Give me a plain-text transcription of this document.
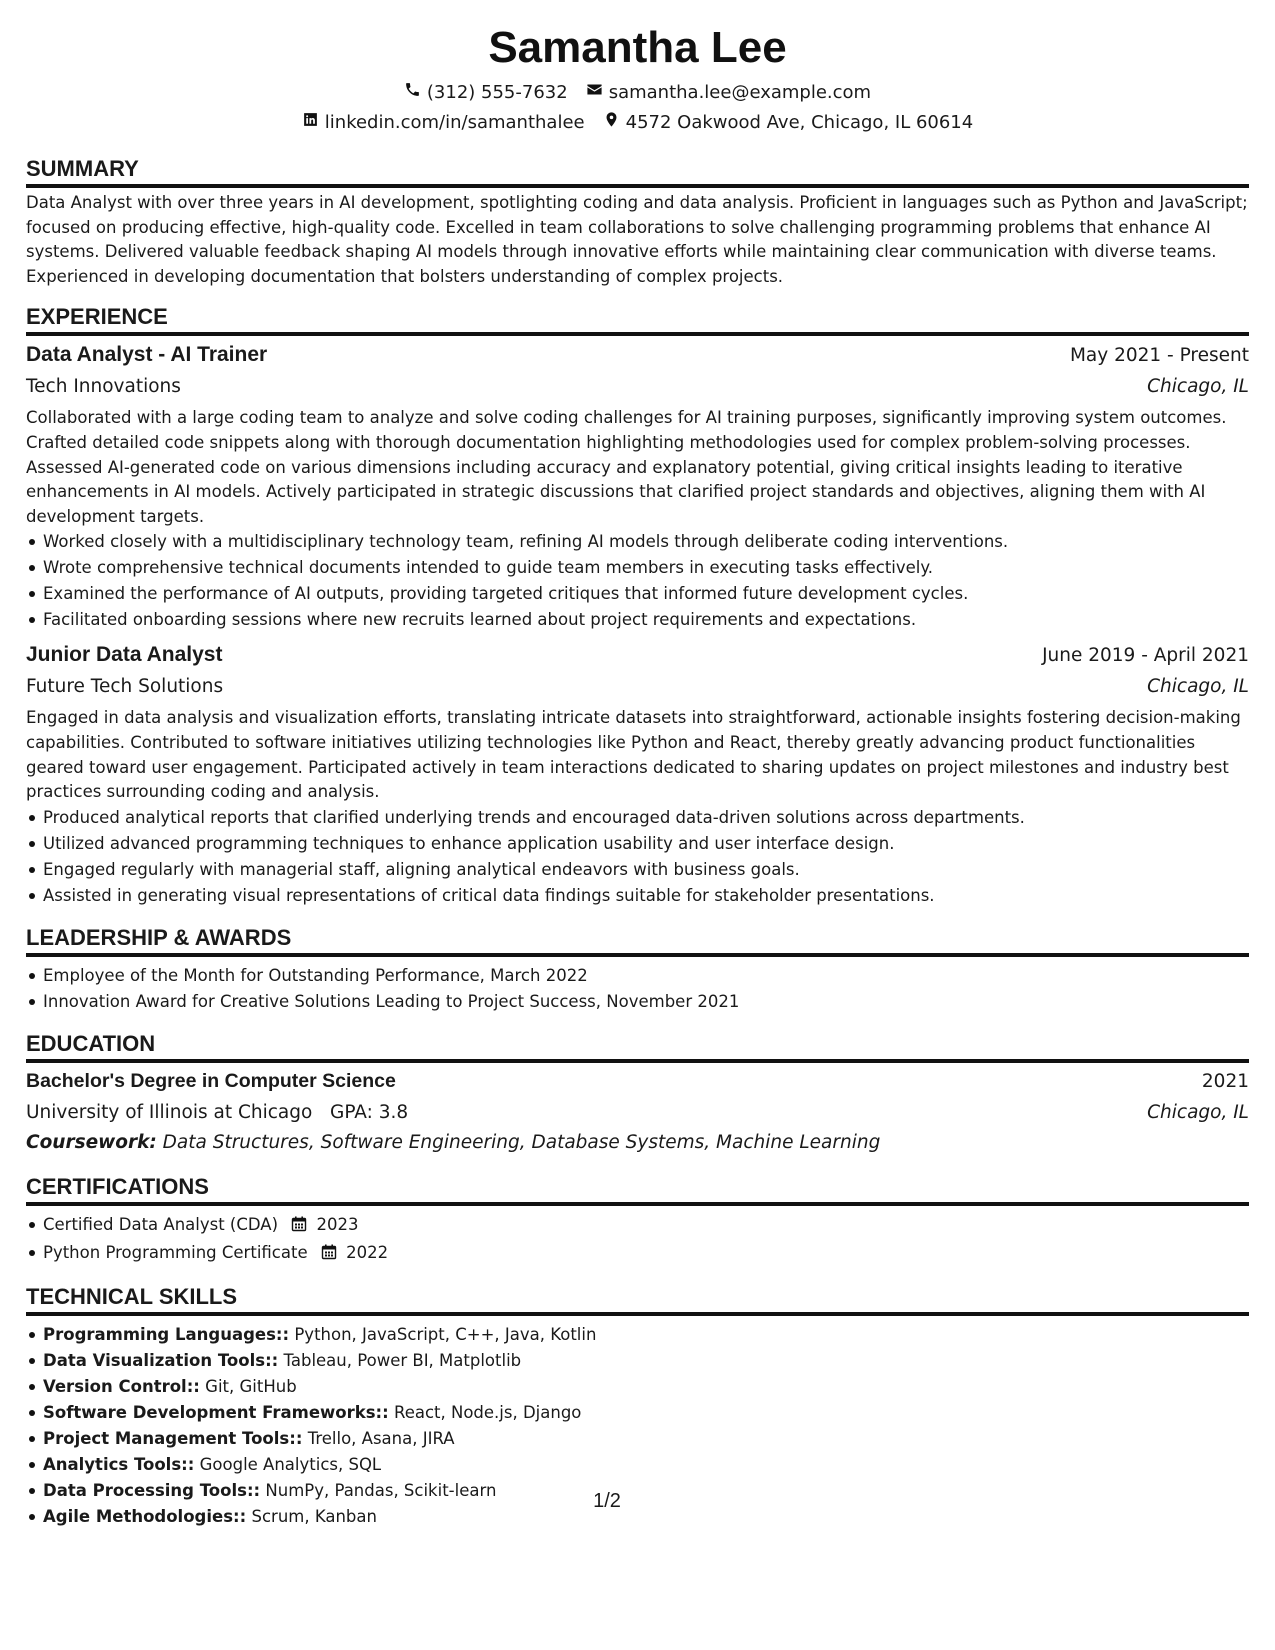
Samantha Lee
(312) 555-7632 samantha.lee@example.com
linkedin.com/in/samanthalee 4572 Oakwood Ave, Chicago, IL 60614
SUMMARY

Data Analyst with over three years in AI development, spotlighting coding and data analysis. Proficient in languages such as Python and JavaScript; focused on producing effective, high-quality code. Excelled in team collaborations to solve challenging programming problems that enhance AI systems. Delivered valuable feedback shaping AI models through innovative efforts while maintaining clear communication with diverse teams. Experienced in developing documentation that bolsters understanding of complex projects.

EXPERIENCE
Data Analyst - AI Trainer	May 2021 - Present
Tech Innovations	Chicago, IL

Collaborated with a large coding team to analyze and solve coding challenges for AI training purposes, significantly improving system outcomes. Crafted detailed code snippets along with thorough documentation highlighting methodologies used for complex problem-solving processes. Assessed AI-generated code on various dimensions including accuracy and explanatory potential, giving critical insights leading to iterative enhancements in AI models. Actively participated in strategic discussions that clarified project standards and objectives, aligning them with AI development targets.

Worked closely with a multidisciplinary technology team, refining AI models through deliberate coding interventions.
Wrote comprehensive technical documents intended to guide team members in executing tasks effectively.
Examined the performance of AI outputs, providing targeted critiques that informed future development cycles.
Facilitated onboarding sessions where new recruits learned about project requirements and expectations.
Junior Data Analyst	June 2019 - April 2021
Future Tech Solutions	Chicago, IL

Engaged in data analysis and visualization efforts, translating intricate datasets into straightforward, actionable insights fostering decision-making capabilities. Contributed to software initiatives utilizing technologies like Python and React, thereby greatly advancing product functionalities geared toward user engagement. Participated actively in team interactions dedicated to sharing updates on project milestones and industry best practices surrounding coding and analysis.

Produced analytical reports that clarified underlying trends and encouraged data-driven solutions across departments.
Utilized advanced programming techniques to enhance application usability and user interface design.
Engaged regularly with managerial staff, aligning analytical endeavors with business goals.
Assisted in generating visual representations of critical data findings suitable for stakeholder presentations.
LEADERSHIP & AWARDS
Employee of the Month for Outstanding Performance, March 2022
Innovation Award for Creative Solutions Leading to Project Success, November 2021
EDUCATION
Bachelor's Degree in Computer Science	2021
University of Illinois at Chicago GPA: 3.8	Chicago, IL
Coursework: Data Structures, Software Engineering, Database Systems, Machine Learning
CERTIFICATIONS
Certified Data Analyst (CDA) 2023
Python Programming Certificate 2022
TECHNICAL SKILLS
Programming Languages:: Python, JavaScript, C++, Java, Kotlin
Data Visualization Tools:: Tableau, Power BI, Matplotlib
Version Control:: Git, GitHub
Software Development Frameworks:: React, Node.js, Django
Project Management Tools:: Trello, Asana, JIRA
Analytics Tools:: Google Analytics, SQL
Data Processing Tools:: NumPy, Pandas, Scikit-learn
Agile Methodologies:: Scrum, Kanban
1/2
